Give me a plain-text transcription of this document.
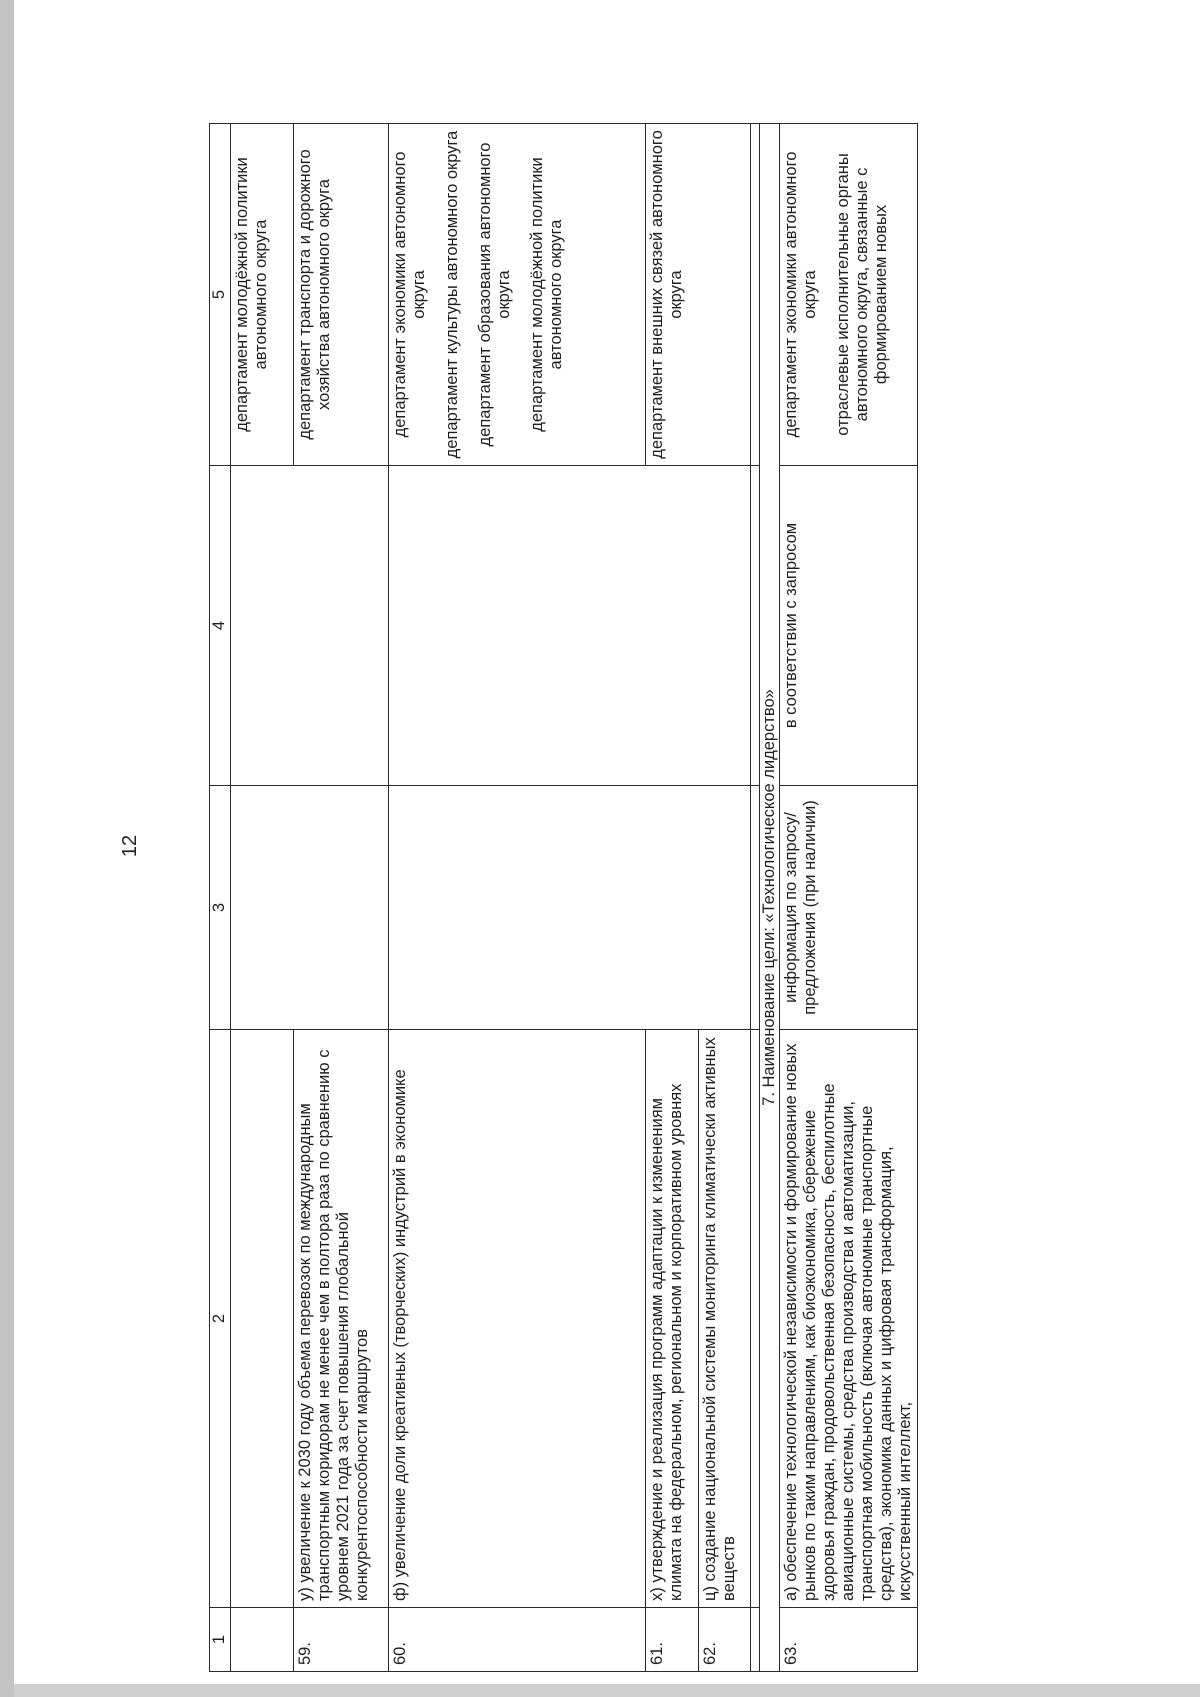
12
1	2	3	4	5

				департамент молодёжной политики автономного округа

59.	у) увеличение к 2030 году объема перевозок по международным транспортным коридорам не менее чем в полтора раза по сравнению с уровнем 2021 года за счет повышения глобальной конкурентоспособности маршрутов			департамент транспорта и дорожного хозяйства автономного округа

60.	ф) увеличение доли креативных (творческих) индустрий в экономике			департамент экономики автономного округа департамент культуры автономного округа департамент образования автономного округа департамент молодёжной политики автономного округа

61.	х) утверждение и реализация программ адаптации к изменениям климата на федеральном, региональном и корпоративном уровнях			департамент внешних связей автономного округа

62.	ц) создание национальной системы мониторинга климатически активных веществ			

7. Наименование цели: «Технологическое лидерство»				
63.	а) обеспечение технологической независимости и формирование новых рынков по таким направлениям, как биоэкономика, сбережение здоровья граждан, продовольственная безопасность, беспилотные авиационные системы, средства производства и автоматизации, транспортная мобильность (включая автономные транспортные средства), экономика данных и цифровая трансформация, искусственный интеллект,	информация по запросу/ предложения (при наличии)	в соответствии с запросом	департамент экономики автономного округа отраслевые исполнительные органы автономного округа, связанные с формированием новых
